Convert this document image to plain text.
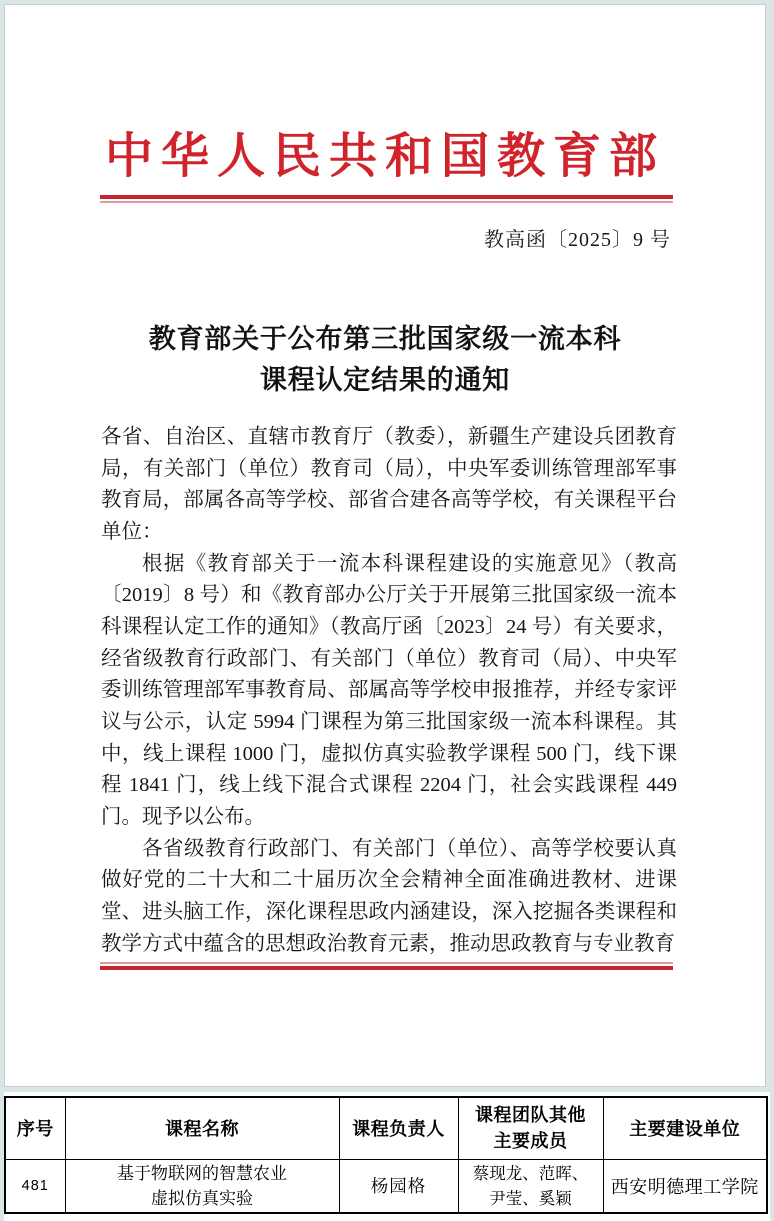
中华人民共和国教育部
教高函〔2025〕9 号
教育部关于公布第三批国家级一流本科
课程认定结果的通知

各省、自治区、直辖市教育厅（教委），新疆生产建设兵团教育局，有关部门（单位）教育司（局），中央军委训练管理部军事教育局，部属各高等学校、部省合建各高等学校，有关课程平台单位：

根据《教育部关于一流本科课程建设的实施意见》（教高〔2019〕8 号）和《教育部办公厅关于开展第三批国家级一流本科课程认定工作的通知》（教高厅函〔2023〕24 号）有关要求，经省级教育行政部门、有关部门（单位）教育司（局）、中央军委训练管理部军事教育局、部属高等学校申报推荐，并经专家评议与公示，认定 5994 门课程为第三批国家级一流本科课程。其中，线上课程 1000 门，虚拟仿真实验教学课程 500 门，线下课程 1841 门，线上线下混合式课程 2204 门，社会实践课程 449 门。现予以公布。

各省级教育行政部门、有关部门（单位）、高等学校要认真做好党的二十大和二十届历次全会精神全面准确进教材、进课堂、进头脑工作，深化课程思政内涵建设，深入挖掘各类课程和教学方式中蕴含的思想政治教育元素，推动思政教育与专业教育

序号	课程名称	课程负责人	课程团队其他主要成员	主要建设单位
481	基于物联网的智慧农业虚拟仿真实验	杨园格	蔡现龙、范晖、尹莹、奚颖	西安明德理工学院
